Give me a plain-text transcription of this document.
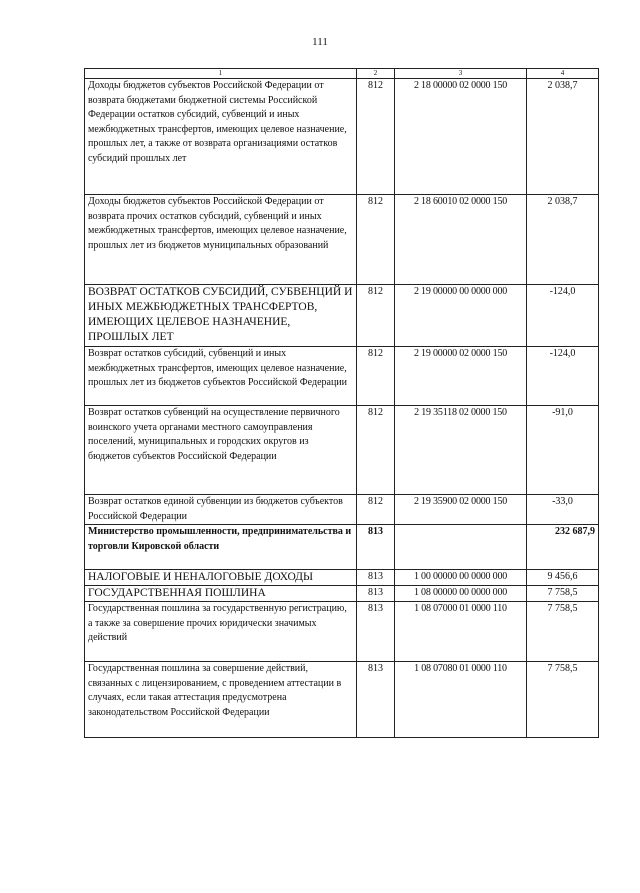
111
1	2	3	4
Доходы бюджетов субъектов Российской Федерации от возврата бюджетами бюджетной системы Российской Федерации остатков субсидий, субвенций и иных межбюджетных трансфертов, имеющих целевое назначение, прошлых лет, а также от возврата организациями остатков субсидий прошлых лет	812	2 18 00000 02 0000 150	2 038,7
Доходы бюджетов субъектов Российской Федерации от возврата прочих остатков субсидий, субвенций и иных межбюджетных трансфертов, имеющих целевое назначение, прошлых лет из бюджетов муниципальных образований	812	2 18 60010 02 0000 150	2 038,7
ВОЗВРАТ ОСТАТКОВ СУБСИДИЙ, СУБВЕНЦИЙ И ИНЫХ МЕЖБЮДЖЕТНЫХ ТРАНСФЕРТОВ, ИМЕЮЩИХ ЦЕЛЕВОЕ НАЗНАЧЕНИЕ, ПРОШЛЫХ ЛЕТ	812	2 19 00000 00 0000 000	-124,0
Возврат остатков субсидий, субвенций и иных межбюджетных трансфертов, имеющих целевое назначение, прошлых лет из бюджетов субъектов Российской Федерации	812	2 19 00000 02 0000 150	-124,0
Возврат остатков субвенций на осуществление первичного воинского учета органами местного самоуправления поселений, муниципальных и городских округов из бюджетов субъектов Российской Федерации	812	2 19 35118 02 0000 150	-91,0
Возврат остатков единой субвенции из бюджетов субъектов Российской Федерации	812	2 19 35900 02 0000 150	-33,0
Министерство промышленности, предпринимательства и торговли Кировской области	813		232 687,9
НАЛОГОВЫЕ И НЕНАЛОГОВЫЕ ДОХОДЫ	813	1 00 00000 00 0000 000	9 456,6
ГОСУДАРСТВЕННАЯ ПОШЛИНА	813	1 08 00000 00 0000 000	7 758,5
Государственная пошлина за государственную регистрацию, а также за совершение прочих юридически значимых действий	813	1 08 07000 01 0000 110	7 758,5
Государственная пошлина за совершение действий, связанных с лицензированием, с проведением аттестации в случаях, если такая аттестация предусмотрена законодательством Российской Федерации	813	1 08 07080 01 0000 110	7 758,5
